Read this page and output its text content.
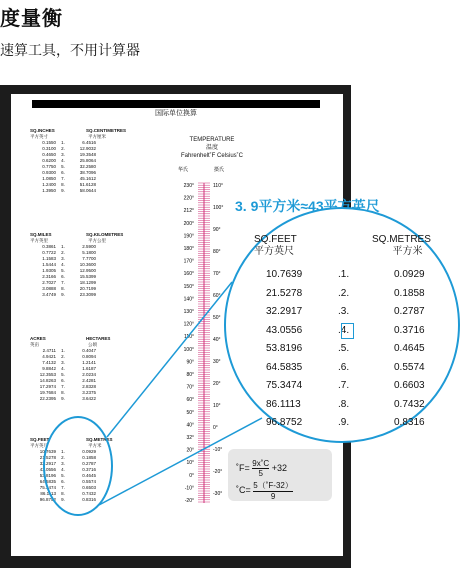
度量衡
速算工具，不用计算器
国际单位换算
SQ.INCHES	SQ.CENTIMETRES
平方英寸	平方厘米
0.1550 1.	6.4516
0.3100 2.	12.9032
0.4650 3.	19.3548
0.6200 4.	25.8064
0.7750 5.	32.2580
0.9300 6.	38.7096
1.0850 7.	45.1612
1.2400 8.	51.6128
1.3950 9.	58.0644
SQ.MILES	SQ.KILOMETRES
平方英里	平方公里
0.3861 1.	2.5900
0.7722 2.	5.1800
1.1583 3.	7.7700
1.5444 4.	10.3600
1.9305 5.	12.9500
2.3166 6.	15.5399
2.7027 7.	18.1299
3.0888 8.	20.7199
3.4749 9.	23.3099
ACRES	HECTARES
英亩	公顷
2.4711 1.	0.4047
4.9421 2.	0.8094
7.4132 3.	1.2141
9.8842 4.	1.6187
12.3553 5.	2.0234
14.8263 6.	2.4281
17.2974 7.	2.8328
19.7684 8.	3.2375
22.2395 9.	3.6422
SQ.FEET	SQ.METRES
平方英尺	平方米
10.7639 1.	0.0929
21.5278 2.	0.1858
32.2917 3.	0.2787
43.0556 4.	0.3716
53.8196 5.	0.4645
64.5835 6.	0.5574
75.3474 7.	0.6503
86.1113 8.	0.7432
96.8752 9.	0.8316
TEMPERATURE
温度
Fahrenhelt˚F Celsius˚C
华氏	摄氏
230°
220°
212°
200°
190°
180°
170°
160°
150°
140°
130°
120°
110°
100°
90°
80°
70°
60°
50°
40°
32°
20°
10°
0°
-10°
-20°
110°
100°
90°
80°
70°
60°
50°
40°
30°
20°
10°
0°
-10°
-20°
-30°
3. 9平方米≈43平方英尺
SQ.FEET
平方英尺
SQ.METRES
平方米
10.7639	.1.	0.0929
21.5278	.2.	0.1858
32.2917	.3.	0.2787
43.0556	.4.	0.3716
53.8196	.5.	0.4645
64.5835	.6.	0.5574
75.3474	.7.	0.6603
86.1113	.8.	0.7432
96.8752	.9.	0.8316
˚F= $\frac{9x˚C}{5} +32$
˚C= $\frac{5(˚F-32)}{9}$
